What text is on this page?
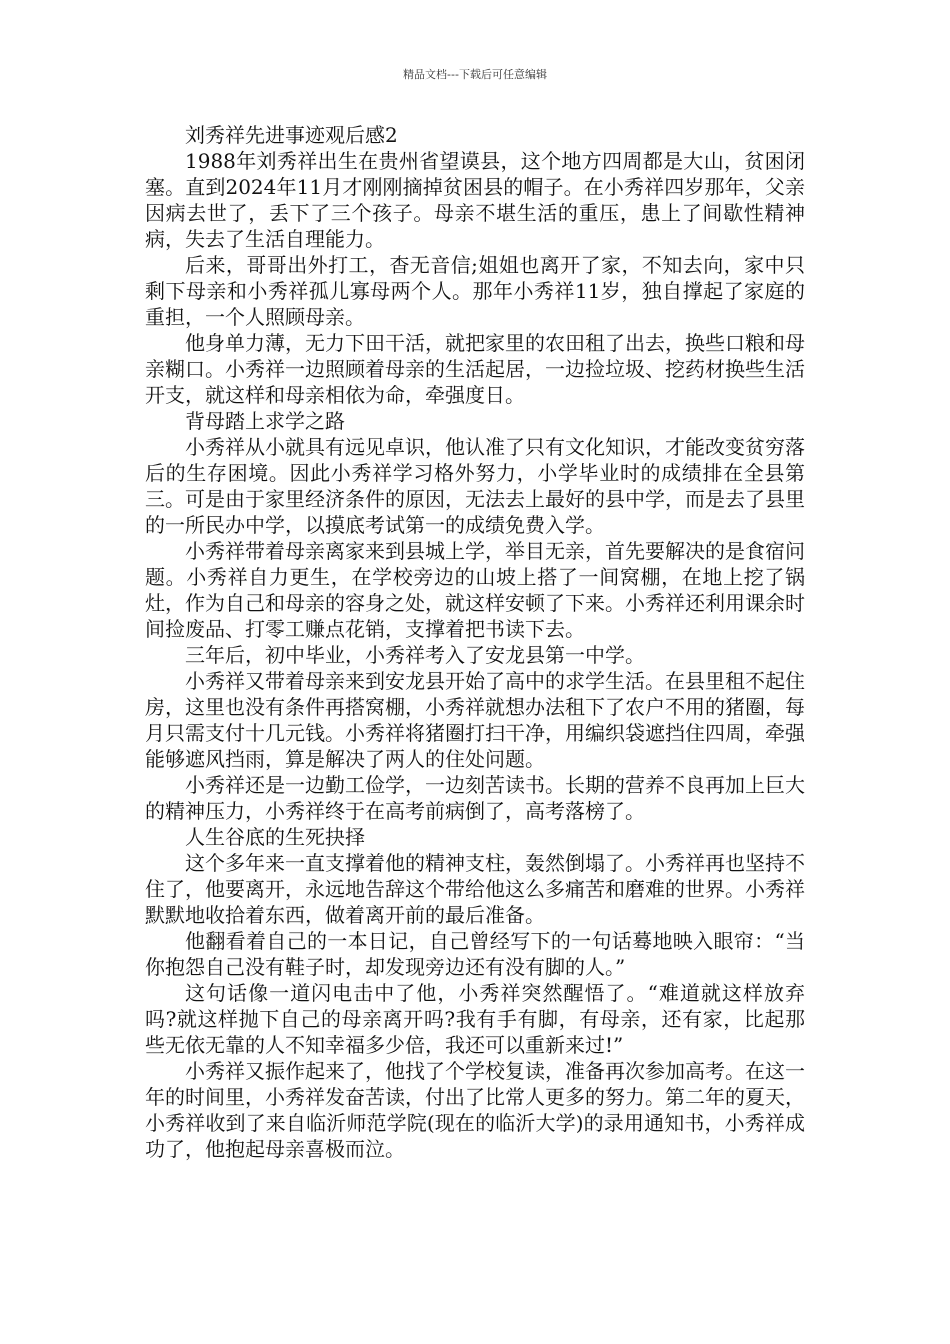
精品文档---下载后可任意编辑

刘秀祥先进事迹观后感2

1988年刘秀祥出生在贵州省望谟县，这个地方四周都是大山，贫困闭塞。直到2024年11月才刚刚摘掉贫困县的帽子。在小秀祥四岁那年，父亲因病去世了，丢下了三个孩子。母亲不堪生活的重压，患上了间歇性精神病，失去了生活自理能力。

后来，哥哥出外打工，杳无音信;姐姐也离开了家，不知去向，家中只剩下母亲和小秀祥孤儿寡母两个人。那年小秀祥11岁，独自撑起了家庭的重担，一个人照顾母亲。

他身单力薄，无力下田干活，就把家里的农田租了出去，换些口粮和母亲糊口。小秀祥一边照顾着母亲的生活起居，一边捡垃圾、挖药材换些生活开支，就这样和母亲相依为命，牵强度日。

背母踏上求学之路

小秀祥从小就具有远见卓识，他认准了只有文化知识，才能改变贫穷落后的生存困境。因此小秀祥学习格外努力，小学毕业时的成绩排在全县第三。可是由于家里经济条件的原因，无法去上最好的县中学，而是去了县里的一所民办中学，以摸底考试第一的成绩免费入学。

小秀祥带着母亲离家来到县城上学，举目无亲，首先要解决的是食宿问题。小秀祥自力更生，在学校旁边的山坡上搭了一间窝棚，在地上挖了锅灶，作为自己和母亲的容身之处，就这样安顿了下来。小秀祥还利用课余时间捡废品、打零工赚点花销，支撑着把书读下去。

三年后，初中毕业，小秀祥考入了安龙县第一中学。

小秀祥又带着母亲来到安龙县开始了高中的求学生活。在县里租不起住房，这里也没有条件再搭窝棚，小秀祥就想办法租下了农户不用的猪圈，每月只需支付十几元钱。小秀祥将猪圈打扫干净，用编织袋遮挡住四周，牵强能够遮风挡雨，算是解决了两人的住处问题。

小秀祥还是一边勤工俭学，一边刻苦读书。长期的营养不良再加上巨大的精神压力，小秀祥终于在高考前病倒了，高考落榜了。

人生谷底的生死抉择

这个多年来一直支撑着他的精神支柱，轰然倒塌了。小秀祥再也坚持不住了，他要离开，永远地告辞这个带给他这么多痛苦和磨难的世界。小秀祥默默地收拾着东西，做着离开前的最后准备。

他翻看着自己的一本日记，自己曾经写下的一句话蓦地映入眼帘：“当你抱怨自己没有鞋子时，却发现旁边还有没有脚的人。”

这句话像一道闪电击中了他，小秀祥突然醒悟了。“难道就这样放弃吗?就这样抛下自己的母亲离开吗?我有手有脚，有母亲，还有家，比起那些无依无靠的人不知幸福多少倍，我还可以重新来过!”

小秀祥又振作起来了，他找了个学校复读，准备再次参加高考。在这一年的时间里，小秀祥发奋苦读，付出了比常人更多的努力。第二年的夏天，小秀祥收到了来自临沂师范学院(现在的临沂大学)的录用通知书，小秀祥成功了，他抱起母亲喜极而泣。
